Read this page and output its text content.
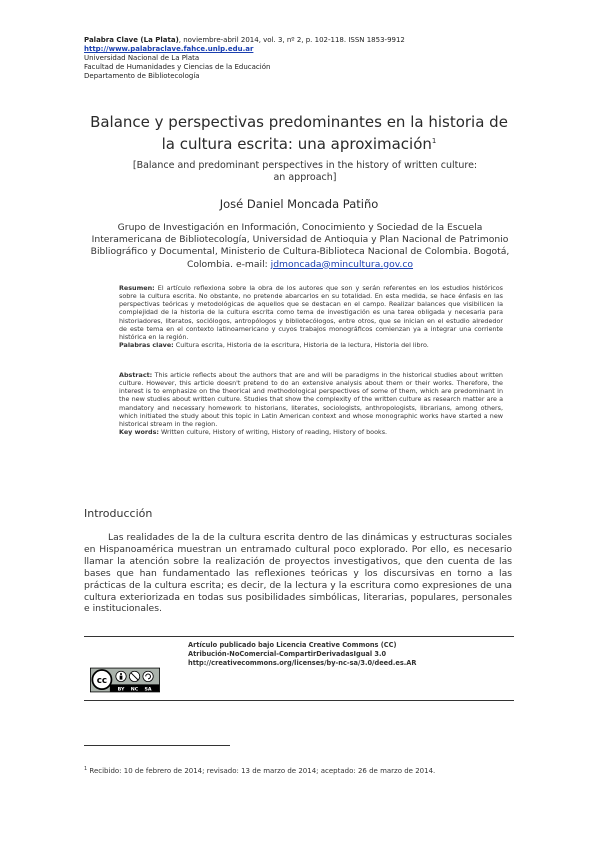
Palabra Clave (La Plata), noviembre-abril 2014, vol. 3, nº 2, p. 102-118. ISSN 1853-9912
http://www.palabraclave.fahce.unlp.edu.ar
Universidad Nacional de La Plata
Facultad de Humanidades y Ciencias de la Educación
Departamento de Bibliotecología
Balance y perspectivas predominantes en la historia de la cultura escrita: una aproximación$^1$
[Balance and predominant perspectives in the history of written culture: an approach]
José Daniel Moncada Patiño
Grupo de Investigación en Información, Conocimiento y Sociedad de la Escuela Interamericana de Bibliotecología, Universidad de Antioquia y Plan Nacional de Patrimonio Bibliográfico y Documental, Ministerio de Cultura-Biblioteca Nacional de Colombia. Bogotá, Colombia. e-mail: jdmoncada@mincultura.gov.co
Resumen: El artículo reflexiona sobre la obra de los autores que son y serán referentes en los estudios históricos sobre la cultura escrita. No obstante, no pretende abarcarlos en su totalidad. En esta medida, se hace énfasis en las perspectivas teóricas y metodológicas de aquellos que se destacan en el campo. Realizar balances que visibilicen la complejidad de la historia de la cultura escrita como tema de investigación es una tarea obligada y necesaria para historiadores, literatos, sociólogos, antropólogos y bibliotecólogos, entre otros, que se inician en el estudio alrededor de este tema en el contexto latinoamericano y cuyos trabajos monográficos comienzan ya a integrar una corriente histórica en la región.
Palabras clave: Cultura escrita, Historia de la escritura, Historia de la lectura, Historia del libro.
Abstract: This article reflects about the authors that are and will be paradigms in the historical studies about written culture. However, this article doesn't pretend to do an extensive analysis about them or their works. Therefore, the interest is to emphasize on the theorical and methodological perspectives of some of them, which are predominant in the new studies about written culture. Studies that show the complexity of the written culture as research matter are a mandatory and necessary homework to historians, literates, sociologists, anthropologists, librarians, among others, which initiated the study about this topic in Latin American context and whose monographic works have started a new historical stream in the region.
Key words: Written culture, History of writing, History of reading, History of books.
Introducción
Las realidades de la de la cultura escrita dentro de las dinámicas y estructuras sociales en Hispanoamérica muestran un entramado cultural poco explorado. Por ello, es necesario llamar la atención sobre la realización de proyectos investigativos, que den cuenta de las bases que han fundamentado las reflexiones teóricas y los discursivas en torno a las prácticas de la cultura escrita; es decir, de la lectura y la escritura como expresiones de una cultura exteriorizada en todas sus posibilidades simbólicas, literarias, populares, personales e institucionales.
cc
BY NC SA
Artículo publicado bajo Licencia Creative Commons (CC)
Atribución-NoComercial-CompartirDerivadasIgual 3.0
http://creativecommons.org/licenses/by-nc-sa/3.0/deed.es.AR
$^1$ Recibido: 10 de febrero de 2014; revisado: 13 de marzo de 2014; aceptado: 26 de marzo de 2014.
